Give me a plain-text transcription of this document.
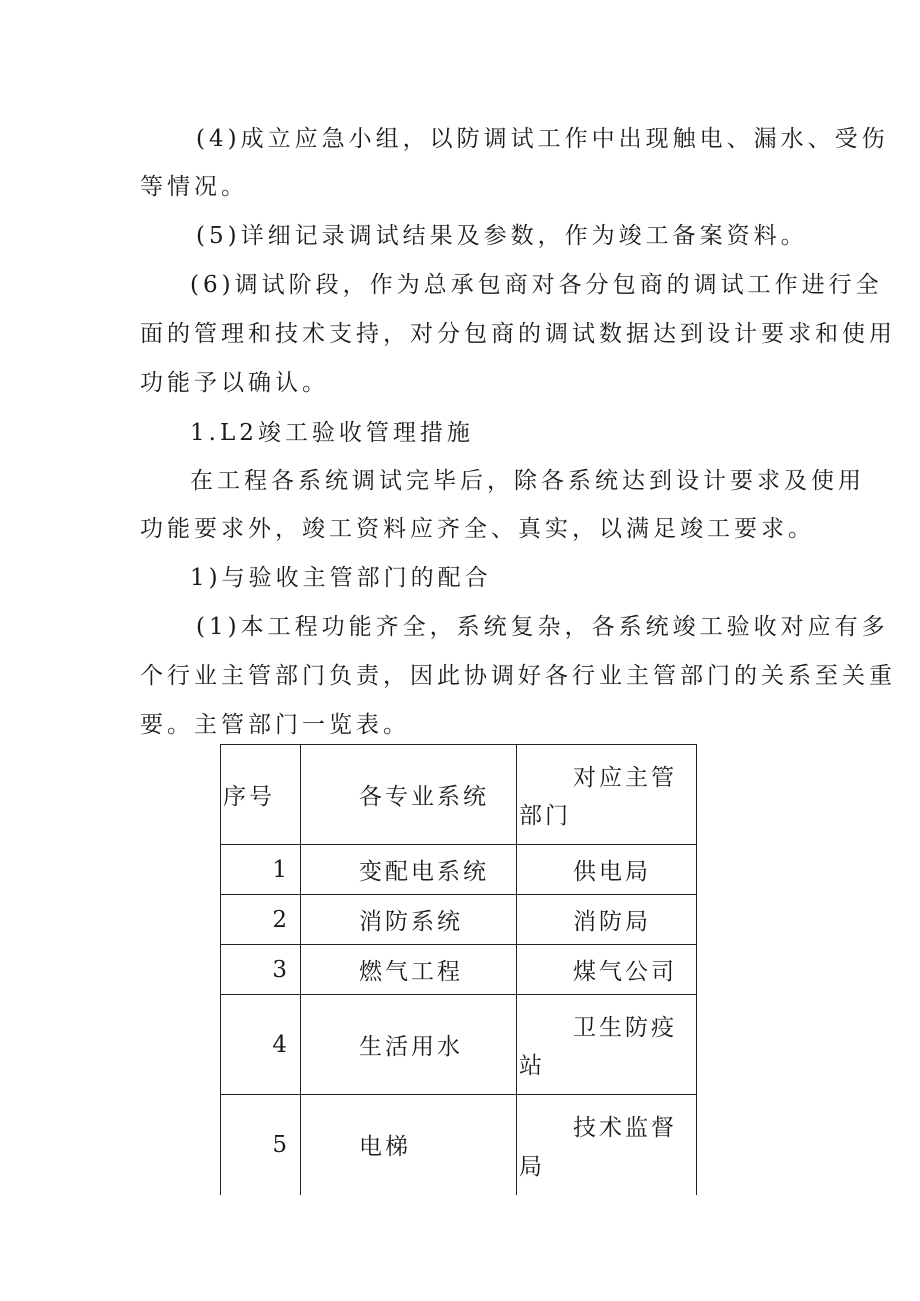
(4)成立应急小组，以防调试工作中出现触电、漏水、受伤
等情况。
(5)详细记录调试结果及参数，作为竣工备案资料。
(6)调试阶段，作为总承包商对各分包商的调试工作进行全
面的管理和技术支持，对分包商的调试数据达到设计要求和使用
功能予以确认。
1.L2竣工验收管理措施
在工程各系统调试完毕后，除各系统达到设计要求及使用
功能要求外，竣工资料应齐全、真实，以满足竣工要求。
1)与验收主管部门的配合
(1)本工程功能齐全，系统复杂，各系统竣工验收对应有多
个行业主管部门负责，因此协调好各行业主管部门的关系至关重
要。主管部门一览表。
序号	各专业系统	对应主管
部门

1	变配电系统	供电局
2	消防系统	消防局
3	燃气工程	煤气公司
4	生活用水	卫生防疫
站

5	电梯	技术监督
局
